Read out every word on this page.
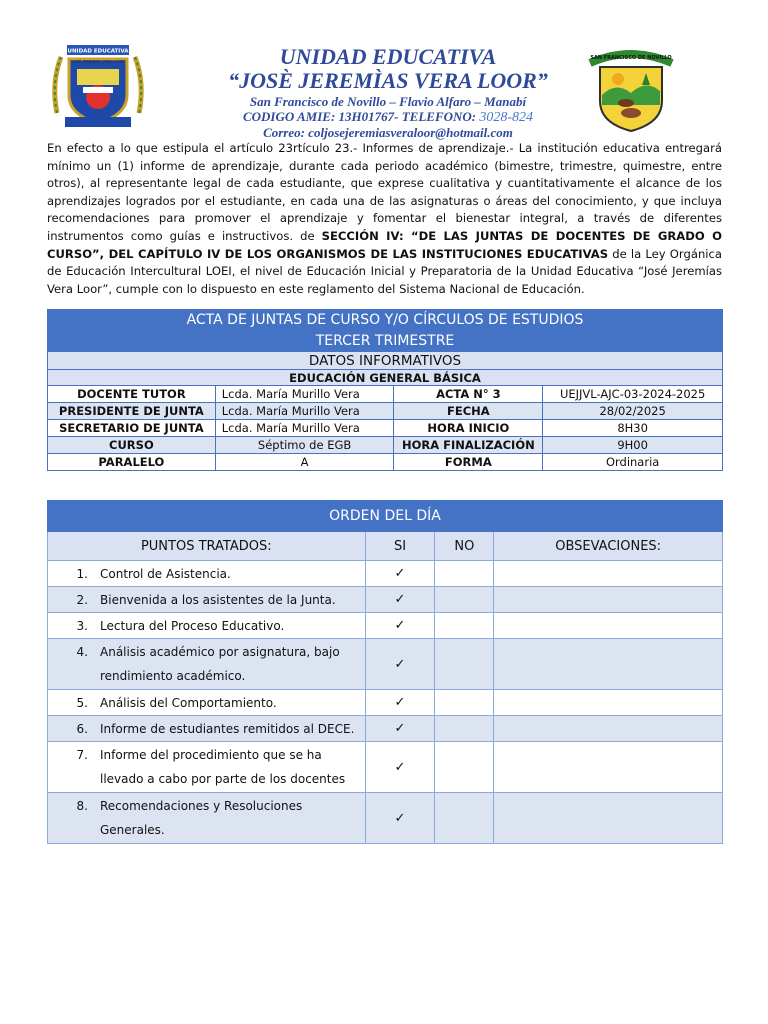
UNIDAD EDUCATIVA
“JOSÉ JEREMÍAS VERA LOOR”	UNIDAD EDUCATIVA
“JOSÈ JEREMÌAS VERA LOOR”
San Francisco de Novillo – Flavio Alfaro – Manabí
CODIGO AMIE: 13H01767- TELEFONO: 3028-824
Correo: coljosejeremiasveraloor@hotmail.com
SAN FRANCISCO DE NOVILLO
En efecto a lo que estipula el artículo 23rtículo 23.- Informes de aprendizaje.- La institución educativa entregará mínimo un (1) informe de aprendizaje, durante cada periodo académico (bimestre, trimestre, quimestre, entre otros), al representante legal de cada estudiante, que exprese cualitativa y cuantitativamente el alcance de los aprendizajes logrados por el estudiante, en cada una de las asignaturas o áreas del conocimiento, y que incluya recomendaciones para promover el aprendizaje y fomentar el bienestar integral, a través de diferentes instrumentos como guías e instructivos. de SECCIÓN IV: “DE LAS JUNTAS DE DOCENTES DE GRADO O CURSO”, DEL CAPÍTULO IV DE LOS ORGANISMOS DE LAS INSTITUCIONES EDUCATIVAS de la Ley Orgánica de Educación Intercultural LOEI, el nivel de Educación Inicial y Preparatoria de la Unidad Educativa “José Jeremías Vera Loor”, cumple con lo dispuesto en este reglamento del Sistema Nacional de Educación.
ACTA DE JUNTAS DE CURSO Y/O CÍRCULOS DE ESTUDIOS			
TERCER TRIMESTRE			
DATOS INFORMATIVOS			
EDUCACIÓN GENERAL BÁSICA			
DOCENTE TUTOR	Lcda. María Murillo Vera	ACTA N° 3	UEJJVL-AJC-03-2024-2025
PRESIDENTE DE JUNTA	Lcda. María Murillo Vera	FECHA	28/02/2025
SECRETARIO DE JUNTA	Lcda. María Murillo Vera	HORA INICIO	8H30
CURSO	Séptimo de EGB	HORA FINALIZACIÓN	9H00
PARALELO	A	FORMA	Ordinaria
ORDEN DEL DÍA			
PUNTOS TRATADOS:	SI	NO	OBSEVACIONES:

1. Control de Asistencia.	✓		

2. Bienvenida a los asistentes de la Junta.	✓		

3. Lectura del Proceso Educativo.	✓		

4. Análisis académico por asignatura, bajo rendimiento académico.	✓		

5. Análisis del Comportamiento.	✓		

6. Informe de estudiantes remitidos al DECE.	✓		

7. Informe del procedimiento que se ha llevado a cabo por parte de los docentes	✓		

8. Recomendaciones y Resoluciones Generales.	✓		
